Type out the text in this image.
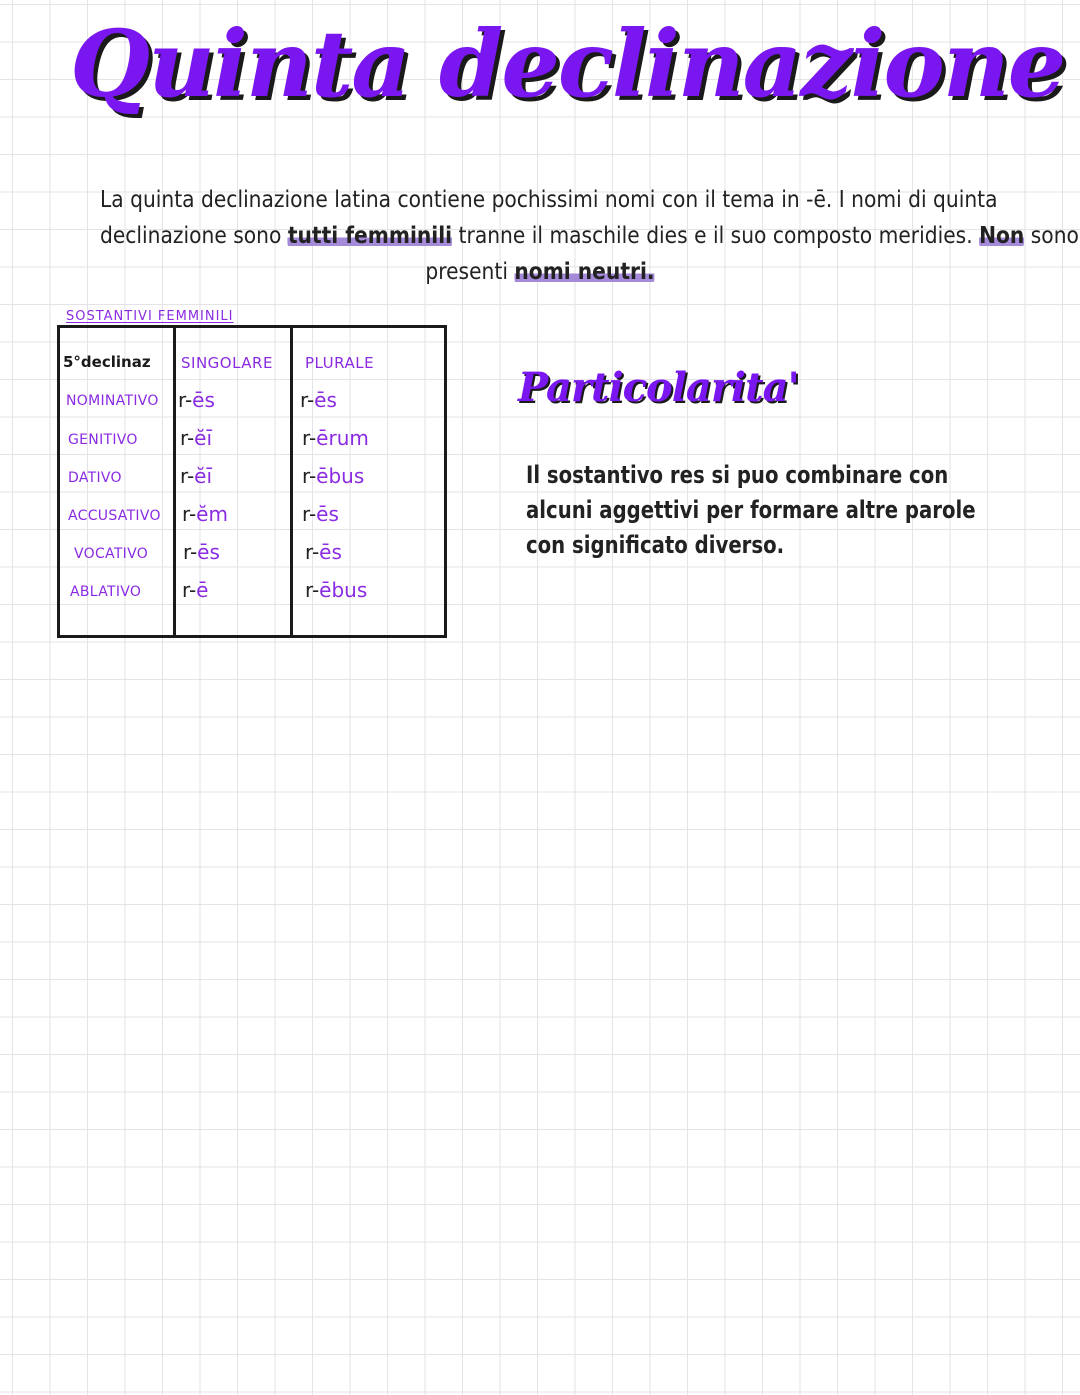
Quinta declinazione
La quinta declinazione latina contiene pochissimi nomi con il tema in -ē. I nomi di quinta
declinazione sono tutti femminili tranne il maschile dies e il suo composto meridies. Non sono
presenti nomi neutri.
SOSTANTIVI FEMMINILI
5°declinaz SINGOLARE PLURALE
NOMINATIVO r-ēs	r-ēs
GENITIVO r-ĕī	r-ērum
DATIVO	r-ĕī	r-ēbus
ACCUSATIVO r-ĕm	r-ēs
VOCATIVO r-ēs	r-ēs
ABLATIVO r-ē	r-ēbus
Particolarita'
Il sostantivo res si puo combinare con
alcuni aggettivi per formare altre parole
con significato diverso.
